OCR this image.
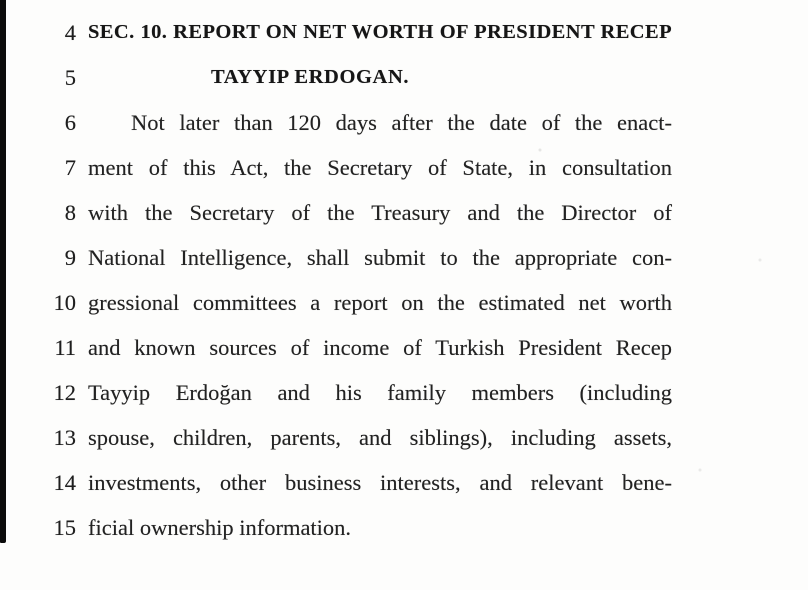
4 SEC. 10. REPORT ON NET WORTH OF PRESIDENT RECEP
5	TAYYIP ERDOGAN.
6	Not later than 120 days after the date of the enact-
7 ment of this Act, the Secretary of State, in consultation
8 with the Secretary of the Treasury and the Director of
9 National Intelligence, shall submit to the appropriate con-
10 gressional committees a report on the estimated net worth
11 and known sources of income of Turkish President Recep
12 Tayyip Erdoğan and his family members (including
13 spouse, children, parents, and siblings), including assets,
14 investments, other business interests, and relevant bene-
15 ficial ownership information.
